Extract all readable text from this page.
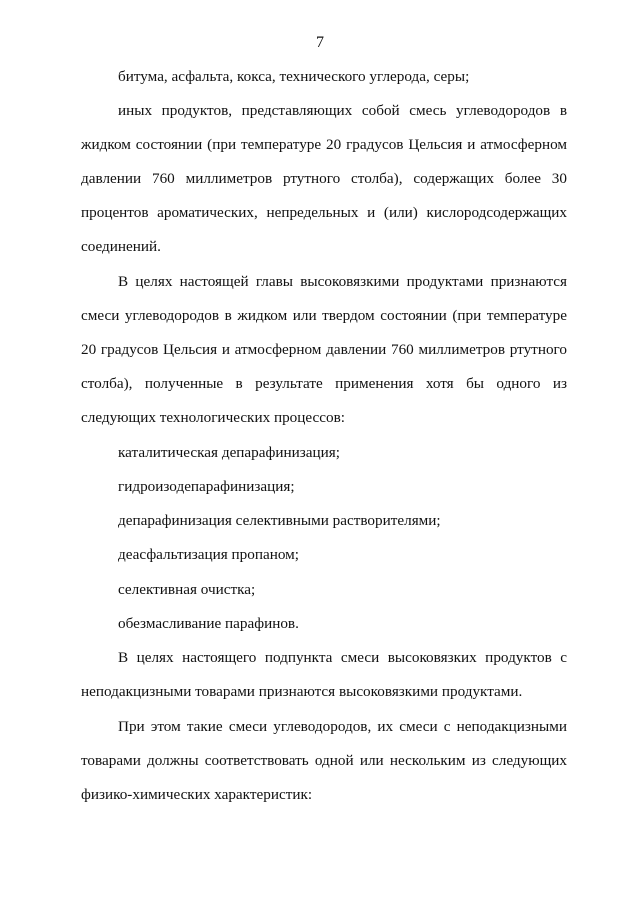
7
битума, асфальта, кокса, технического углерода, серы;
иных продуктов, представляющих собой смесь углеводородов в
жидком состоянии (при температуре 20 градусов Цельсия и атмосферном
давлении 760 миллиметров ртутного столба), содержащих более 30
процентов ароматических, непредельных и (или) кислородсодержащих
соединений.
В целях настоящей главы высоковязкими продуктами признаются
смеси углеводородов в жидком или твердом состоянии (при температуре
20 градусов Цельсия и атмосферном давлении 760 миллиметров ртутного
столба), полученные в результате применения хотя бы одного из
следующих технологических процессов:
каталитическая депарафинизация;
гидроизодепарафинизация;
депарафинизация селективными растворителями;
деасфальтизация пропаном;
селективная очистка;
обезмасливание парафинов.
В целях настоящего подпункта смеси высоковязких продуктов с
неподакцизными товарами признаются высоковязкими продуктами.
При этом такие смеси углеводородов, их смеси с неподакцизными
товарами должны соответствовать одной или нескольким из следующих
физико-химических характеристик:
